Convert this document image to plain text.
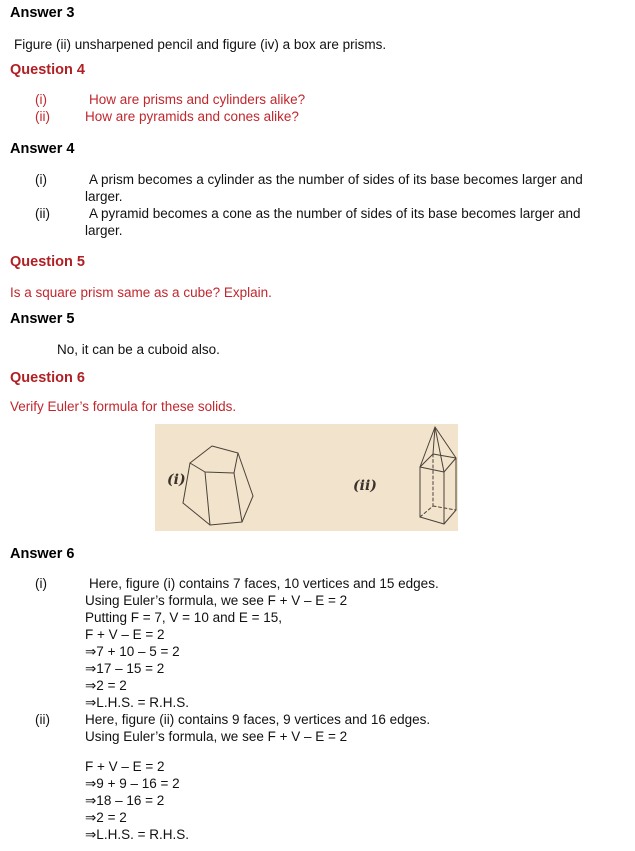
Answer 3
Figure (ii) unsharpened pencil and figure (iv) a box are prisms.
Question 4
(i)	How are prisms and cylinders alike?
(ii)	How are pyramids and cones alike?
Answer 4
(i)	A prism becomes a cylinder as the number of sides of its base becomes larger and
larger.
(ii)	A pyramid becomes a cone as the number of sides of its base becomes larger and
larger.
Question 5
Is a square prism same as a cube? Explain.
Answer 5
No, it can be a cuboid also.
Question 6
Verify Euler’s formula for these solids.
(i)	(ii)
Answer 6
(i)	Here, figure (i) contains 7 faces, 10 vertices and 15 edges.
Using Euler’s formula, we see F + V – E = 2
Putting F = 7, V = 10 and E = 15,
F + V – E = 2
⇒7 + 10 – 5 = 2
⇒17 – 15 = 2
⇒2 = 2
⇒L.H.S. = R.H.S.
(ii)	Here, figure (ii) contains 9 faces, 9 vertices and 16 edges.
Using Euler’s formula, we see F + V – E = 2
F + V – E = 2
⇒9 + 9 – 16 = 2
⇒18 – 16 = 2
⇒2 = 2
⇒L.H.S. = R.H.S.
